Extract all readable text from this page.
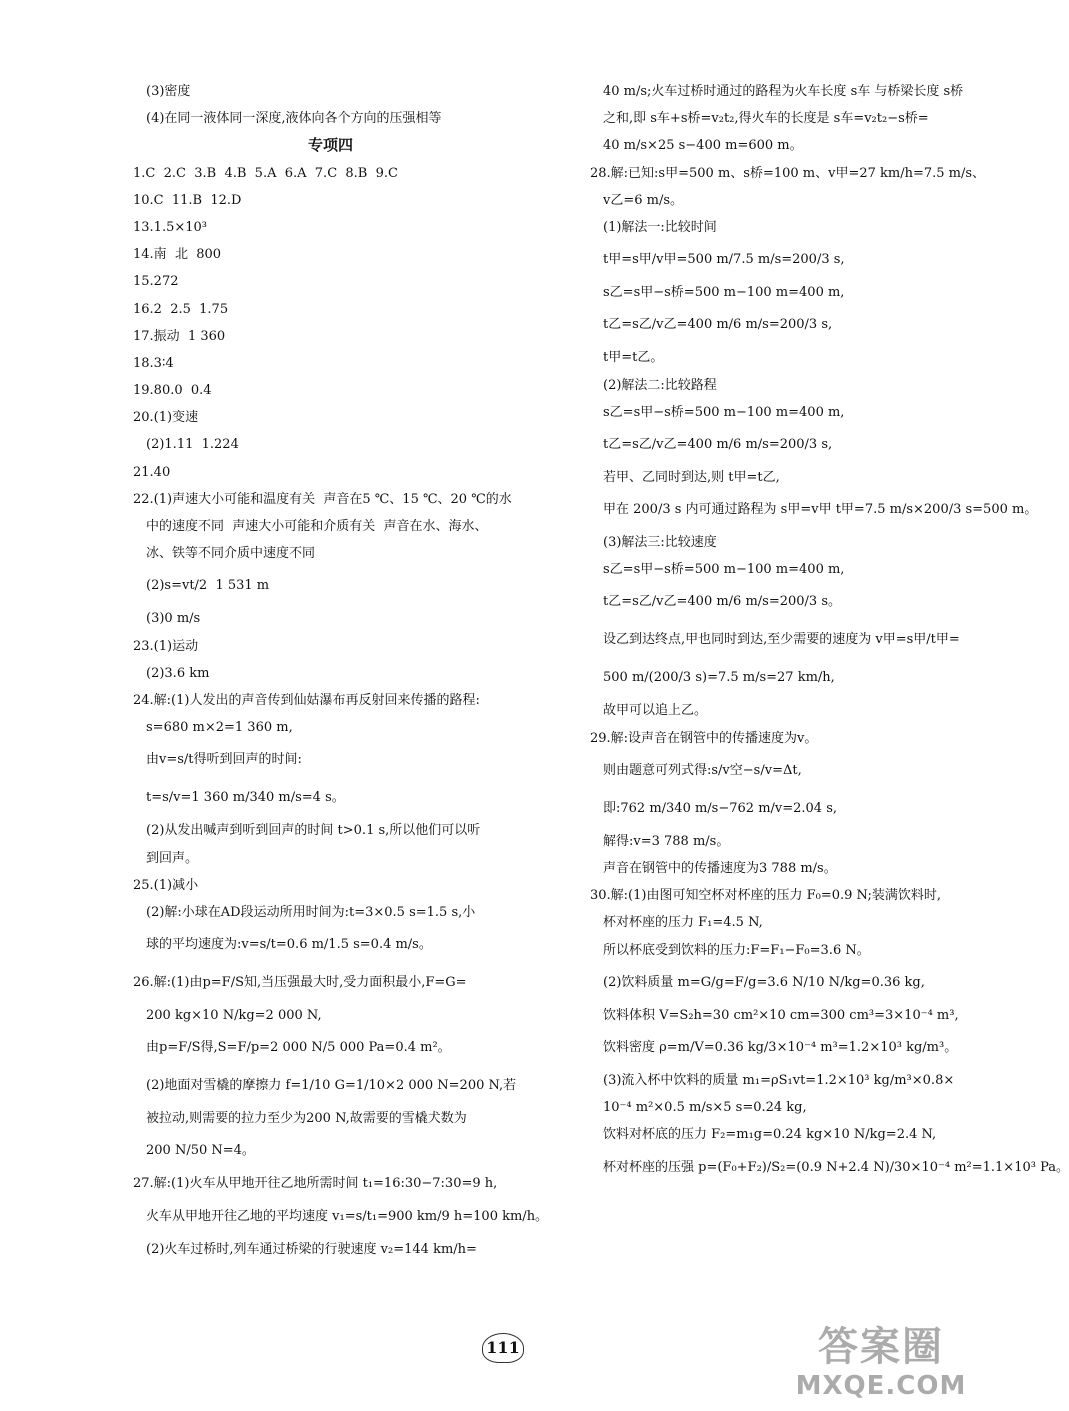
(3)密度
(4)在同一液体同一深度,液体向各个方向的压强相等
专项四
1.C  2.C  3.B  4.B  5.A  6.A  7.C  8.B  9.C
10.C  11.B  12.D
13.1.5×10³
14.南  北  800
15.272
16.2  2.5  1.75
17.振动  1 360
18.3∶4
19.80.0  0.4
20.(1)变速
(2)1.11  1.224
21.40
22.(1)声速大小可能和温度有关  声音在5 ℃、15 ℃、20 ℃的水
中的速度不同  声速大小可能和介质有关  声音在水、海水、
冰、铁等不同介质中速度不同
(2)s=vt/2  1 531 m
(3)0 m/s
23.(1)运动
(2)3.6 km
24.解:(1)人发出的声音传到仙姑瀑布再反射回来传播的路程:
s=680 m×2=1 360 m,
由v=s/t得听到回声的时间:
t=s/v=1 360 m/340 m/s=4 s。
(2)从发出喊声到听到回声的时间 t>0.1 s,所以他们可以听
到回声。
25.(1)减小
(2)解:小球在AD段运动所用时间为:t=3×0.5 s=1.5 s,小
球的平均速度为:v=s/t=0.6 m/1.5 s=0.4 m/s。
26.解:(1)由p=F/S知,当压强最大时,受力面积最小,F=G=
200 kg×10 N/kg=2 000 N,
由p=F/S得,S=F/p=2 000 N/5 000 Pa=0.4 m²。
(2)地面对雪橇的摩擦力 f=1/10 G=1/10×2 000 N=200 N,若
被拉动,则需要的拉力至少为200 N,故需要的雪橇犬数为
200 N/50 N=4。
27.解:(1)火车从甲地开往乙地所需时间 t₁=16:30−7:30=9 h,
火车从甲地开往乙地的平均速度 v₁=s/t₁=900 km/9 h=100 km/h。
(2)火车过桥时,列车通过桥梁的行驶速度 v₂=144 km/h=
40 m/s;火车过桥时通过的路程为火车长度 s车 与桥梁长度 s桥
之和,即 s车+s桥=v₂t₂,得火车的长度是 s车=v₂t₂−s桥=
40 m/s×25 s−400 m=600 m。
28.解:已知:s甲=500 m、s桥=100 m、v甲=27 km/h=7.5 m/s、
v乙=6 m/s。
(1)解法一:比较时间
t甲=s甲/v甲=500 m/7.5 m/s=200/3 s,
s乙=s甲−s桥=500 m−100 m=400 m,
t乙=s乙/v乙=400 m/6 m/s=200/3 s,
t甲=t乙。
(2)解法二:比较路程
s乙=s甲−s桥=500 m−100 m=400 m,
t乙=s乙/v乙=400 m/6 m/s=200/3 s,
若甲、乙同时到达,则 t甲=t乙,
甲在 200/3 s 内可通过路程为 s甲=v甲 t甲=7.5 m/s×200/3 s=500 m。
(3)解法三:比较速度
s乙=s甲−s桥=500 m−100 m=400 m,
t乙=s乙/v乙=400 m/6 m/s=200/3 s。
设乙到达终点,甲也同时到达,至少需要的速度为 v甲=s甲/t甲=
500 m/(200/3 s)=7.5 m/s=27 km/h,
故甲可以追上乙。
29.解:设声音在钢管中的传播速度为v。
则由题意可列式得:s/v空−s/v=Δt,
即:762 m/340 m/s−762 m/v=2.04 s,
解得:v=3 788 m/s。
声音在钢管中的传播速度为3 788 m/s。
30.解:(1)由图可知空杯对杯座的压力 F₀=0.9 N;装满饮料时,
杯对杯座的压力 F₁=4.5 N,
所以杯底受到饮料的压力:F=F₁−F₀=3.6 N。
(2)饮料质量 m=G/g=F/g=3.6 N/10 N/kg=0.36 kg,
饮料体积 V=S₂h=30 cm²×10 cm=300 cm³=3×10⁻⁴ m³,
饮料密度 ρ=m/V=0.36 kg/3×10⁻⁴ m³=1.2×10³ kg/m³。
(3)流入杯中饮料的质量 m₁=ρS₁vt=1.2×10³ kg/m³×0.8×
10⁻⁴ m²×0.5 m/s×5 s=0.24 kg,
饮料对杯底的压力 F₂=m₁g=0.24 kg×10 N/kg=2.4 N,
杯对杯座的压强 p=(F₀+F₂)/S₂=(0.9 N+2.4 N)/30×10⁻⁴ m²=1.1×10³ Pa。
111	答案圈
MXQE.COM
